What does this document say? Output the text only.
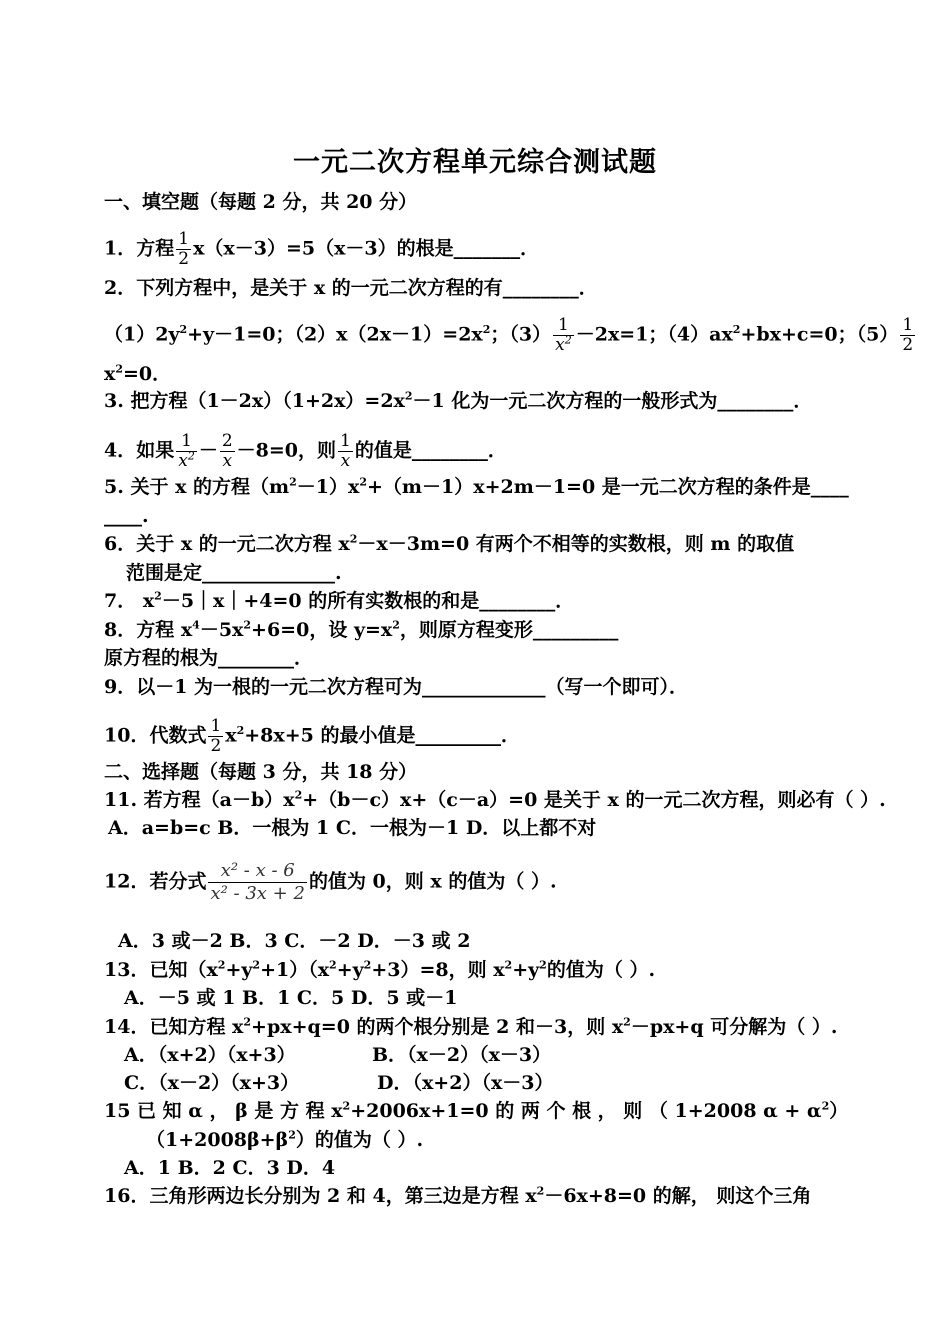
一元二次方程单元综合测试题
一、填空题（每题 2 分，共 20 分）
1．方程 $\frac{1}{2} x(x-3)=5(x-3)$的根是_______．
2．下列方程中，是关于 x 的一元二次方程的有________．
$(1)2y^2+y-1=0$；$(2)x(2x-1)=2x^2$；$(3) \frac{1}{x^2} -2x=1$；$(4)ax^2+bx+c=0$；$(5) \frac{1}{2}$
$x^2=0$．
3. 把方程$(1-2x)(1+2x)=2x^2-1$ 化为一元二次方程的一般形式为________．
4．如果 $\frac{1}{x^2} - \frac{2}{x} -8=0$，则 $\frac{1}{x}$ 的值是________．
5. 关于 x 的方程$(m^2-1)x^2+(m-1)x+2m-1=0$ 是一元二次方程的条件是____
____.
6．关于 x 的一元二次方程 $x^2-x-3m=0$ 有两个不相等的实数根，则 m 的取值
范围是定______________.
7． $x^2-5|x|+4=0$ 的所有实数根的和是________．
8．方程 $x^4-5x^2+6=0$，设 $y=x^2$，则原方程变形_________
原方程的根为________．
9．以－1 为一根的一元二次方程可为_____________（写一个即可）．
10．代数式 $\frac{1}{2} x^2+8x+5$ 的最小值是_________．
二、选择题（每题 3 分，共 18 分）
11. 若方程$(a-b)x^2+(b-c)x+(c-a)=0$ 是关于 x 的一元二次方程，则必有（ ）.
A．a=b=c B．一根为 1 C．一根为－1 D．以上都不对
12．若分式 $\frac{\text{x² - x - 6}}{\text{x² - 3x + 2}}$ 的值为 0，则 x 的值为（ ）.
A．3 或－2 B．3 C．－2 D．－3 或 2
13．已知$(x^2+y^2+1)(x^2+y^2+3)=8$，则 $x^2+y^2$的值为（ ）.
A．－5 或 1 B．1 C．5 D．5 或－1
14．已知方程 $x^2+px+q=0$ 的两个根分别是 2 和－3，则 $x^2-px+q$ 可分解为（ ）.
A．（x+2）（x+3）	B．（x－2）（x－3）
C．（x－2）（x+3）	D．（x+2）（x－3）
15 已 知 α ， β 是 方 程 $x^2+2006x+1=0$ 的 两 个 根 ， 则 （ 1+2008 $\alpha + \alpha^2$）
$(1+2008\beta+\beta^2)$的值为（ ）.
A．1 B．2 C．3 D．4
16．三角形两边长分别为 2 和 4，第三边是方程 $x^2-6x+8=0$ 的解， 则这个三角
